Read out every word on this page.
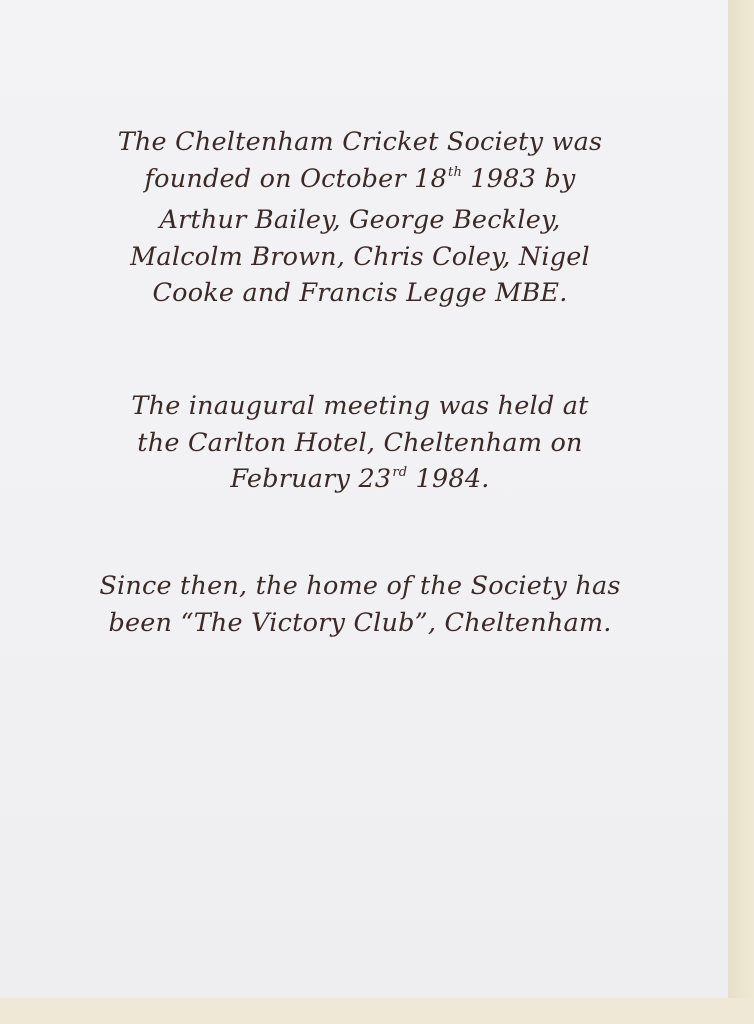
The Cheltenham Cricket Society was
founded on October 18th 1983 by
Arthur Bailey, George Beckley,
Malcolm Brown, Chris Coley, Nigel
Cooke and Francis Legge MBE.
The inaugural meeting was held at
the Carlton Hotel, Cheltenham on
February 23rd 1984.
Since then, the home of the Society has
been “The Victory Club”, Cheltenham.
